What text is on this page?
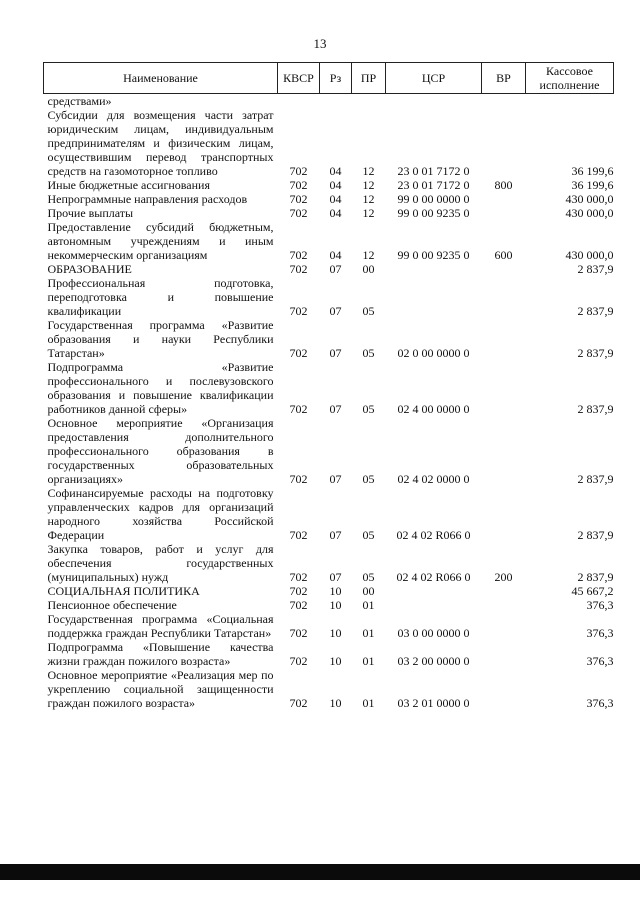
13
Наименование	КВСР	Рз	ПР	ЦСР	ВР	Кассовое исполнение
средствами»						
Субсидии для возмещения части затрат юридическим лицам, индивидуальным предпринимателям и физическим лицам, осуществившим перевод транспортных средств на газомоторное топливо	702	04	12	23 0 01 7172 0		36 199,6
Иные бюджетные ассигнования	702	04	12	23 0 01 7172 0	800	36 199,6
Непрограммные направления расходов	702	04	12	99 0 00 0000 0		430 000,0
Прочие выплаты	702	04	12	99 0 00 9235 0		430 000,0
Предоставление субсидий бюджетным, автономным учреждениям и иным некоммерческим организациям	702	04	12	99 0 00 9235 0	600	430 000,0
ОБРАЗОВАНИЕ	702	07	00			2 837,9
Профессиональная подготовка, переподготовка и повышение квалификации	702	07	05			2 837,9
Государственная программа «Развитие образования и науки Республики Татарстан»	702	07	05	02 0 00 0000 0		2 837,9
Подпрограмма «Развитие профессионального и послевузовского образования и повышение квалификации работников данной сферы»	702	07	05	02 4 00 0000 0		2 837,9
Основное мероприятие «Организация предоставления дополнительного профессионального образования в государственных образовательных организациях»	702	07	05	02 4 02 0000 0		2 837,9
Софинансируемые расходы на подготовку управленческих кадров для организаций народного хозяйства Российской Федерации	702	07	05	02 4 02 R066 0		2 837,9
Закупка товаров, работ и услуг для обеспечения государственных (муниципальных) нужд	702	07	05	02 4 02 R066 0	200	2 837,9
СОЦИАЛЬНАЯ ПОЛИТИКА	702	10	00			45 667,2
Пенсионное обеспечение	702	10	01			376,3
Государственная программа «Социальная поддержка граждан Республики Татарстан»	702	10	01	03 0 00 0000 0		376,3
Подпрограмма «Повышение качества жизни граждан пожилого возраста»	702	10	01	03 2 00 0000 0		376,3
Основное мероприятие «Реализация мер по укреплению социальной защищенности граждан пожилого возраста»	702	10	01	03 2 01 0000 0		376,3
